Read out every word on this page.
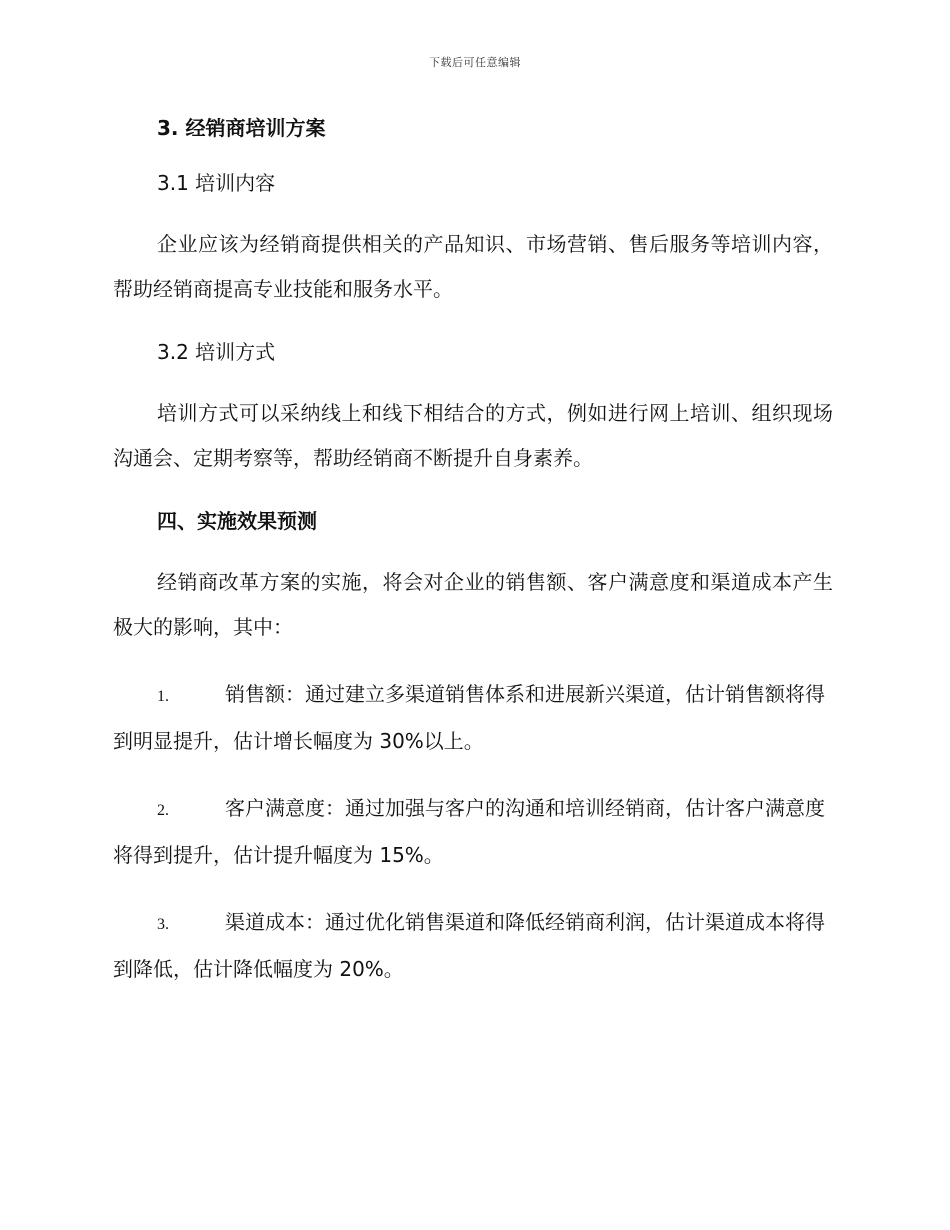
下载后可任意编辑

3. 经销商培训方案

3.1 培训内容

企业应该为经销商提供相关的产品知识、市场营销、售后服务等培训内容，帮助经销商提高专业技能和服务水平。

3.2 培训方式

培训方式可以采纳线上和线下相结合的方式，例如进行网上培训、组织现场沟通会、定期考察等，帮助经销商不断提升自身素养。

四、实施效果预测

经销商改革方案的实施，将会对企业的销售额、客户满意度和渠道成本产生极大的影响，其中：

1.	销售额：通过建立多渠道销售体系和进展新兴渠道，估计销售额将得到明显提升，估计增长幅度为 30%以上。

2.	客户满意度：通过加强与客户的沟通和培训经销商，估计客户满意度将得到提升，估计提升幅度为 15%。

3.	渠道成本：通过优化销售渠道和降低经销商利润，估计渠道成本将得到降低，估计降低幅度为 20%。
